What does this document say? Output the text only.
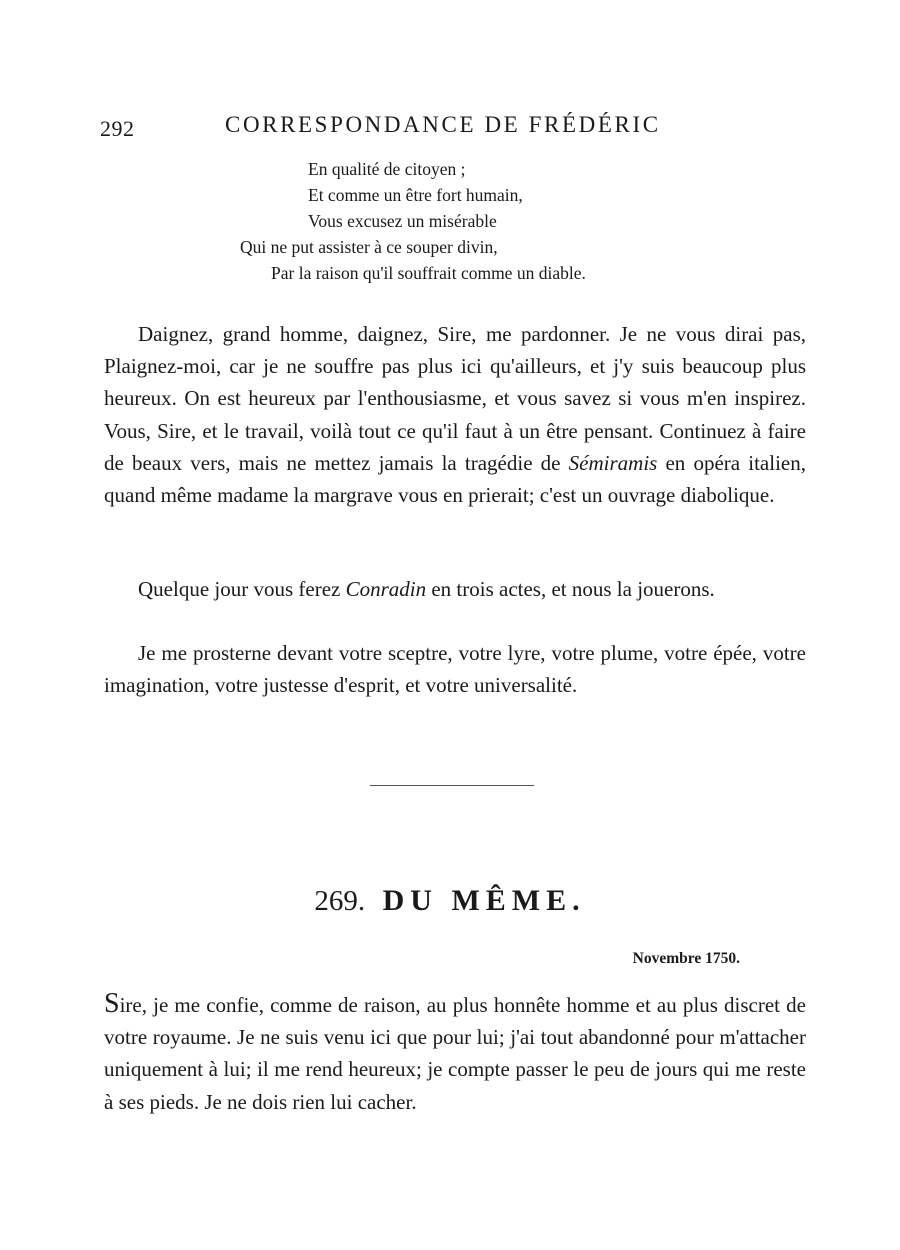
292	CORRESPONDANCE DE FRÉDÉRIC
En qualité de citoyen ;
Et comme un être fort humain,
Vous excusez un misérable
Qui ne put assister à ce souper divin,
Par la raison qu'il souffrait comme un diable.

Daignez, grand homme, daignez, Sire, me pardonner. Je ne vous dirai pas, Plaignez-moi, car je ne souffre pas plus ici qu'ailleurs, et j'y suis beaucoup plus heureux. On est heureux par l'enthousiasme, et vous savez si vous m'en inspirez. Vous, Sire, et le travail, voilà tout ce qu'il faut à un être pensant. Continuez à faire de beaux vers, mais ne mettez jamais la tragédie de Sémiramis en opéra italien, quand même madame la margrave vous en prierait; c'est un ouvrage diabolique.

Quelque jour vous ferez Conradin en trois actes, et nous la jouerons.

Je me prosterne devant votre sceptre, votre lyre, votre plume, votre épée, votre imagination, votre justesse d'esprit, et votre universalité.

269. DU MÊME.
Novembre 1750.

Sire, je me confie, comme de raison, au plus honnête homme et au plus discret de votre royaume. Je ne suis venu ici que pour lui; j'ai tout abandonné pour m'attacher uniquement à lui; il me rend heureux; je compte passer le peu de jours qui me reste à ses pieds. Je ne dois rien lui cacher.
